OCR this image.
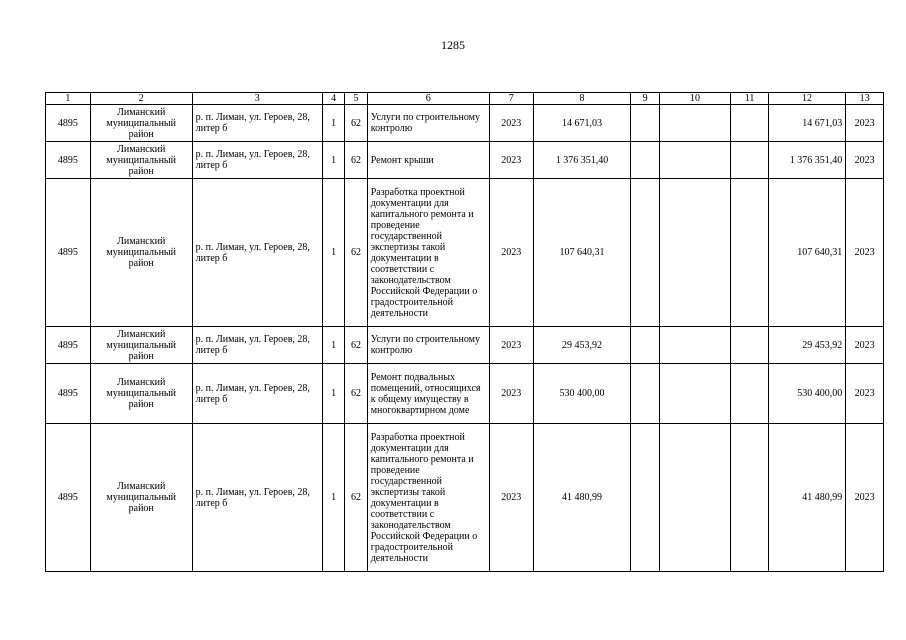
1285
1	2	3	4	5	6	7	8	9	10	11	12	13
4895	Лиманский муниципальный район	р. п. Лиман, ул. Героев, 28, литер б	1	62	Услуги по строительному контролю	2023	14 671,03				14 671,03	2023
4895	Лиманский муниципальный район	р. п. Лиман, ул. Героев, 28, литер б	1	62	Ремонт крыши	2023	1 376 351,40				1 376 351,40	2023
4895	Лиманский муниципальный район	р. п. Лиман, ул. Героев, 28, литер б	1	62	Разработка проектной документации для капитального ремонта и проведение государственной экспертизы такой документации в соответствии с законодательством Российской Федерации о градостроительной деятельности	2023	107 640,31				107 640,31	2023
4895	Лиманский муниципальный район	р. п. Лиман, ул. Героев, 28, литер б	1	62	Услуги по строительному контролю	2023	29 453,92				29 453,92	2023
4895	Лиманский муниципальный район	р. п. Лиман, ул. Героев, 28, литер б	1	62	Ремонт подвальных помещений, относящихся к общему имуществу в многоквартирном доме	2023	530 400,00				530 400,00	2023
4895	Лиманский муниципальный район	р. п. Лиман, ул. Героев, 28, литер б	1	62	Разработка проектной документации для капитального ремонта и проведение государственной экспертизы такой документации в соответствии с законодательством Российской Федерации о градостроительной деятельности	2023	41 480,99				41 480,99	2023
